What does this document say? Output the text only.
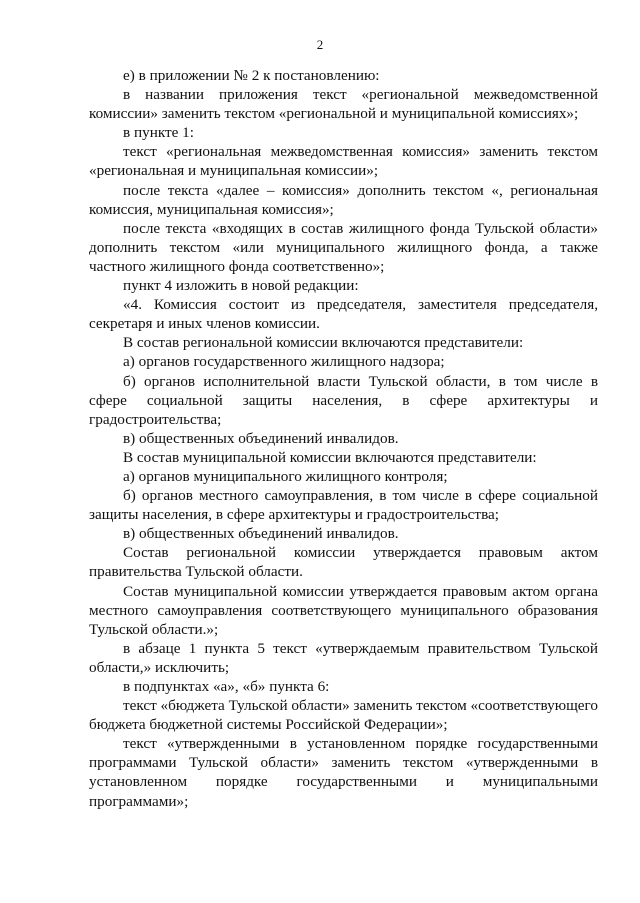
2

е) в приложении № 2 к постановлению:

в названии приложения текст «региональной межведомственной комиссии» заменить текстом «региональной и муниципальной комиссиях»;

в пункте 1:

текст «региональная межведомственная комиссия» заменить текстом «региональная и муниципальная комиссии»;

после текста «далее – комиссия» дополнить текстом «, региональная комиссия, муниципальная комиссия»;

после текста «входящих в состав жилищного фонда Тульской области» дополнить текстом «или муниципального жилищного фонда, а также частного жилищного фонда соответственно»;

пункт 4 изложить в новой редакции:

«4. Комиссия состоит из председателя, заместителя председателя, секретаря и иных членов комиссии.

В состав региональной комиссии включаются представители:

а) органов государственного жилищного надзора;

б) органов исполнительной власти Тульской области, в том числе в сфере социальной защиты населения, в сфере архитектуры и градостроительства;

в) общественных объединений инвалидов.

В состав муниципальной комиссии включаются представители:

а) органов муниципального жилищного контроля;

б) органов местного самоуправления, в том числе в сфере социальной защиты населения, в сфере архитектуры и градостроительства;

в) общественных объединений инвалидов.

Состав региональной комиссии утверждается правовым актом правительства Тульской области.

Состав муниципальной комиссии утверждается правовым актом органа местного самоуправления соответствующего муниципального образования Тульской области.»;

в абзаце 1 пункта 5 текст «утверждаемым правительством Тульской области,» исключить;

в подпунктах «а», «б» пункта 6:

текст «бюджета Тульской области» заменить текстом «соответствующего бюджета бюджетной системы Российской Федерации»;

текст «утвержденными в установленном порядке государственными программами Тульской области» заменить текстом «утвержденными в установленном порядке государственными и муниципальными программами»;
